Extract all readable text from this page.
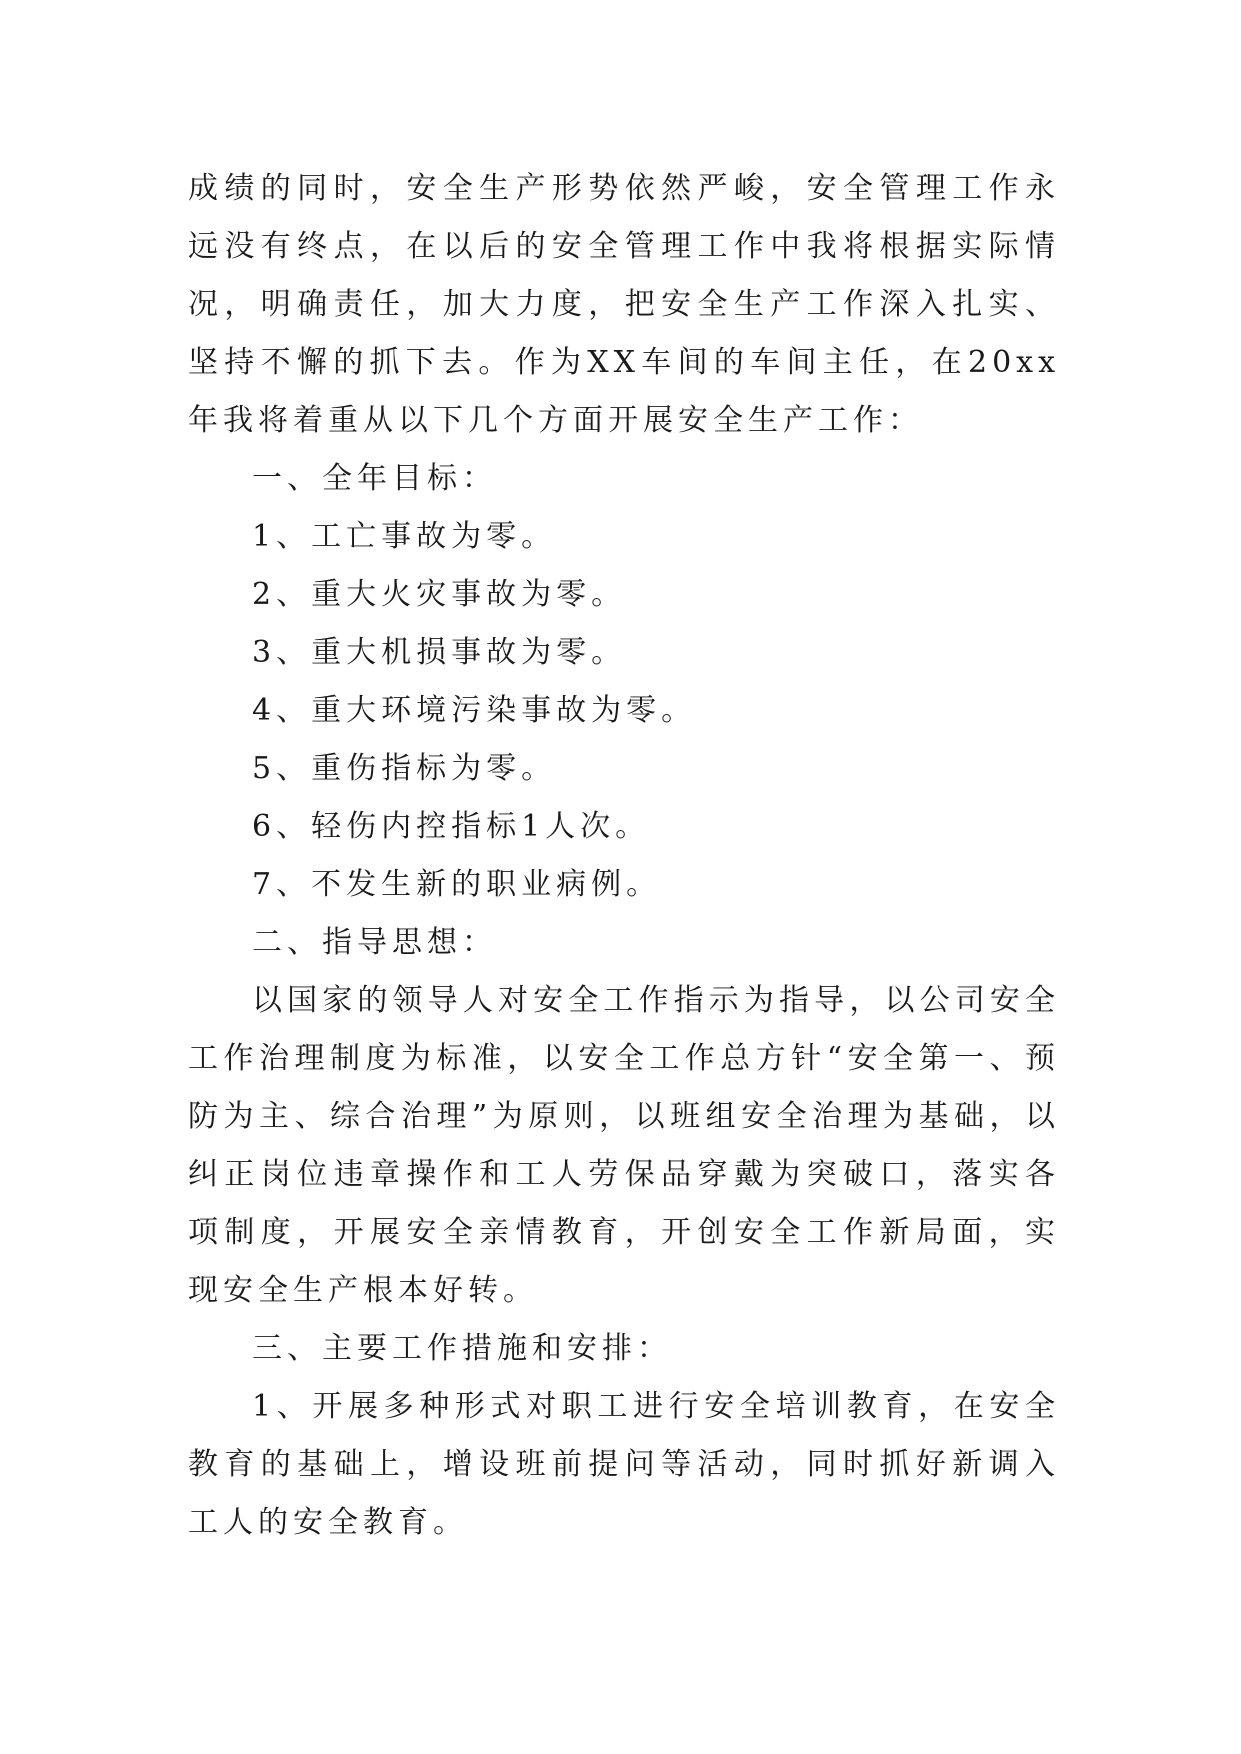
成绩的同时，安全生产形势依然严峻，安全管理工作永远没有终点，在以后的安全管理工作中我将根据实际情况，明确责任，加大力度，把安全生产工作深入扎实、坚持不懈的抓下去。作为XX车间的车间主任，在20xx年我将着重从以下几个方面开展安全生产工作：

一、全年目标：

1、工亡事故为零。

2、重大火灾事故为零。

3、重大机损事故为零。

4、重大环境污染事故为零。

5、重伤指标为零。

6、轻伤内控指标1人次。

7、不发生新的职业病例。

二、指导思想：

以国家的领导人对安全工作指示为指导，以公司安全工作治理制度为标准，以安全工作总方针“安全第一、预防为主、综合治理”为原则，以班组安全治理为基础，以纠正岗位违章操作和工人劳保品穿戴为突破口，落实各项制度，开展安全亲情教育，开创安全工作新局面，实现安全生产根本好转。

三、主要工作措施和安排：

1、开展多种形式对职工进行安全培训教育，在安全教育的基础上，增设班前提问等活动，同时抓好新调入工人的安全教育。
